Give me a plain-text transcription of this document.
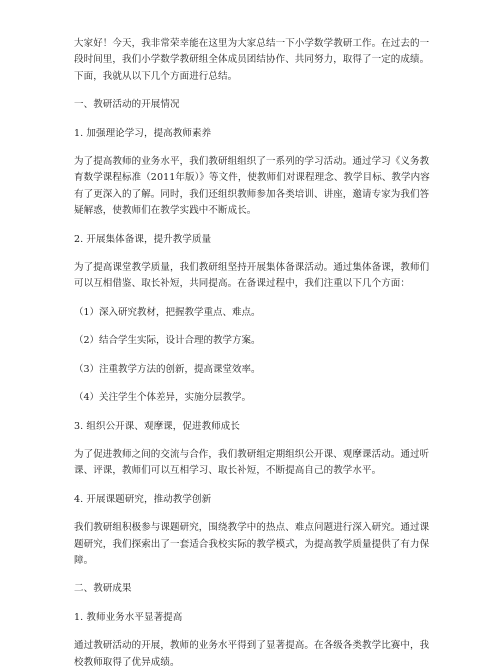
大家好！今天，我非常荣幸能在这里为大家总结一下小学数学教研工作。在过去的一段时间里，我们小学数学教研组全体成员团结协作、共同努力，取得了一定的成绩。下面，我就从以下几个方面进行总结。

一、教研活动的开展情况

1. 加强理论学习，提高教师素养

为了提高教师的业务水平，我们教研组组织了一系列的学习活动。通过学习《义务教育数学课程标准（2011年版）》等文件，使教师们对课程理念、教学目标、教学内容有了更深入的了解。同时，我们还组织教师参加各类培训、讲座，邀请专家为我们答疑解惑，使教师们在教学实践中不断成长。

2. 开展集体备课，提升教学质量

为了提高课堂教学质量，我们教研组坚持开展集体备课活动。通过集体备课，教师们可以互相借鉴、取长补短，共同提高。在备课过程中，我们注重以下几个方面：

（1）深入研究教材，把握教学重点、难点。

（2）结合学生实际，设计合理的教学方案。

（3）注重教学方法的创新，提高课堂效率。

（4）关注学生个体差异，实施分层教学。

3. 组织公开课、观摩课，促进教师成长

为了促进教师之间的交流与合作，我们教研组定期组织公开课、观摩课活动。通过听课、评课，教师们可以互相学习、取长补短，不断提高自己的教学水平。

4. 开展课题研究，推动教学创新

我们教研组积极参与课题研究，围绕教学中的热点、难点问题进行深入研究。通过课题研究，我们探索出了一套适合我校实际的教学模式，为提高教学质量提供了有力保障。

二、教研成果

1. 教师业务水平显著提高

通过教研活动的开展，教师的业务水平得到了显著提高。在各级各类教学比赛中，我校教师取得了优异成绩。
